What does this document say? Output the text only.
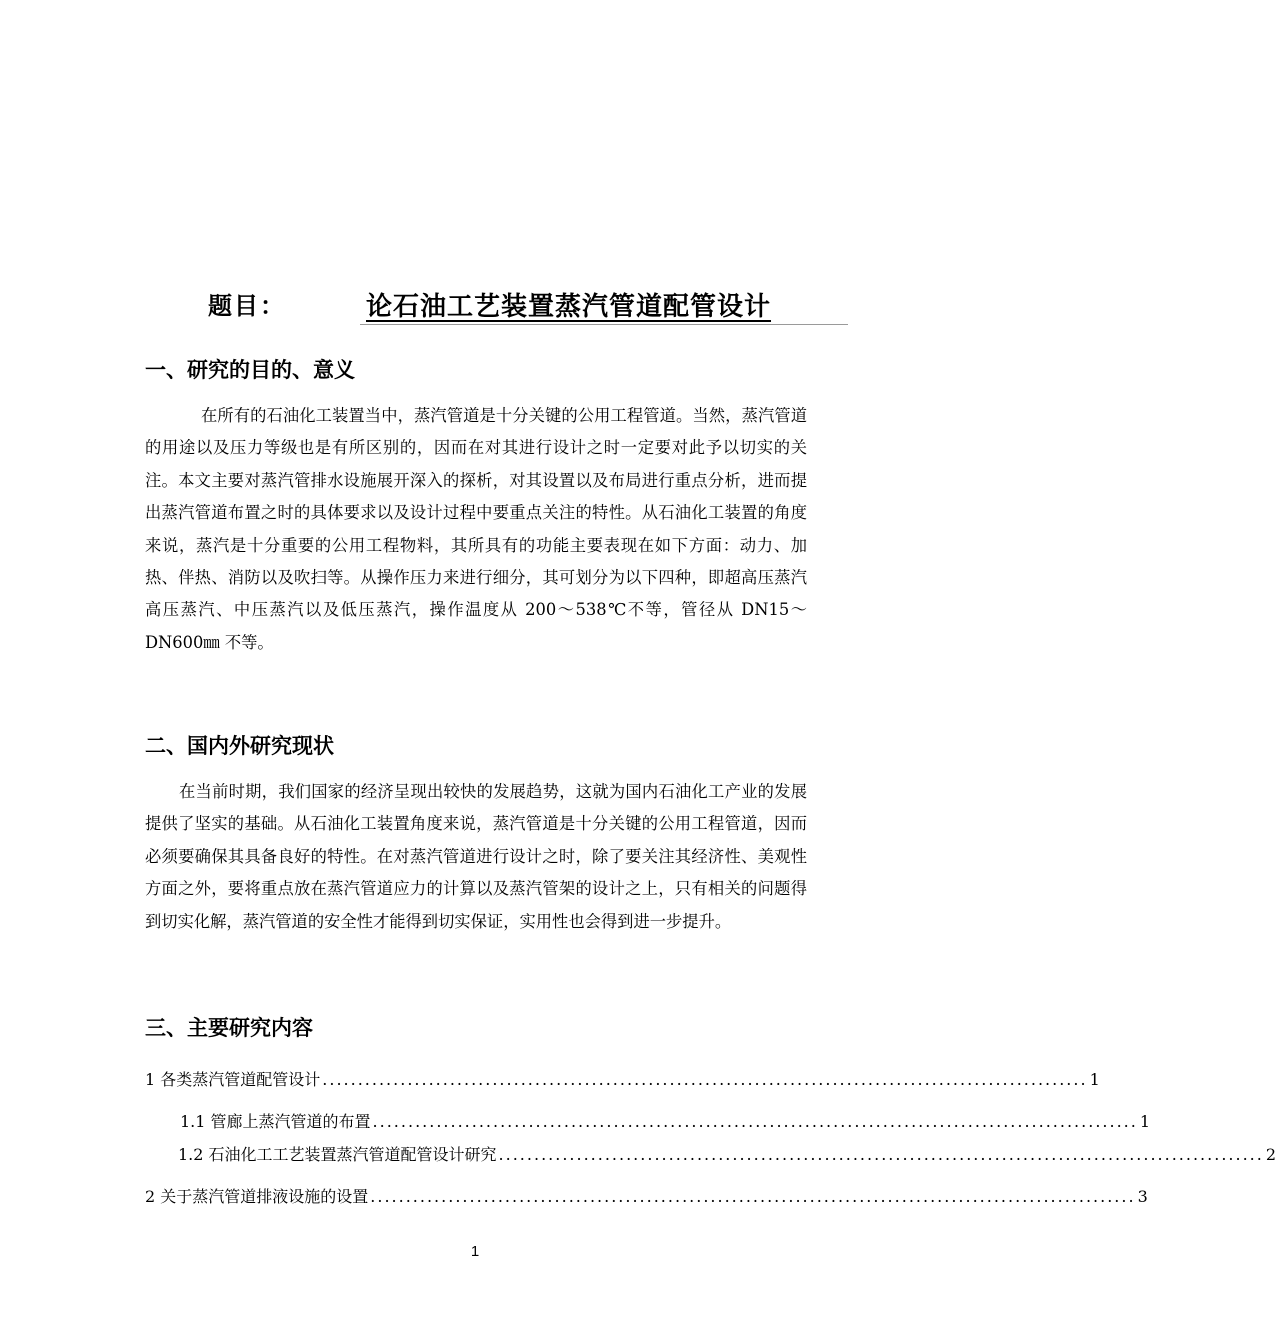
题目：	论石油工艺装置蒸汽管道配管设计
一、研究的目的、意义

在所有的石油化工装置当中，蒸汽管道是十分关键的公用工程管道。当然，蒸汽管道的用途以及压力等级也是有所区别的，因而在对其进行设计之时一定要对此予以切实的关注。本文主要对蒸汽管排水设施展开深入的探析，对其设置以及布局进行重点分析，进而提出蒸汽管道布置之时的具体要求以及设计过程中要重点关注的特性。从石油化工装置的角度来说，蒸汽是十分重要的公用工程物料，其所具有的功能主要表现在如下方面：动力、加热、伴热、消防以及吹扫等。从操作压力来进行细分，其可划分为以下四种，即超高压蒸汽高压蒸汽、中压蒸汽以及低压蒸汽，操作温度从 200～538℃不等，管径从 DN15～DN600㎜ 不等。

二、国内外研究现状

在当前时期，我们国家的经济呈现出较快的发展趋势，这就为国内石油化工产业的发展提供了坚实的基础。从石油化工装置角度来说，蒸汽管道是十分关键的公用工程管道，因而必须要确保其具备良好的特性。在对蒸汽管道进行设计之时，除了要关注其经济性、美观性方面之外，要将重点放在蒸汽管道应力的计算以及蒸汽管架的设计之上，只有相关的问题得到切实化解，蒸汽管道的安全性才能得到切实保证，实用性也会得到进一步提升。

三、主要研究内容
1 各类蒸汽管道配管设计 ............................................................................................................ 1
1.1 管廊上蒸汽管道的布置 ............................................................................................................ 1
1.2 石油化工工艺装置蒸汽管道配管设计研究 ............................................................................................................ 2
2 关于蒸汽管道排液设施的设置 ............................................................................................................ 3
1
